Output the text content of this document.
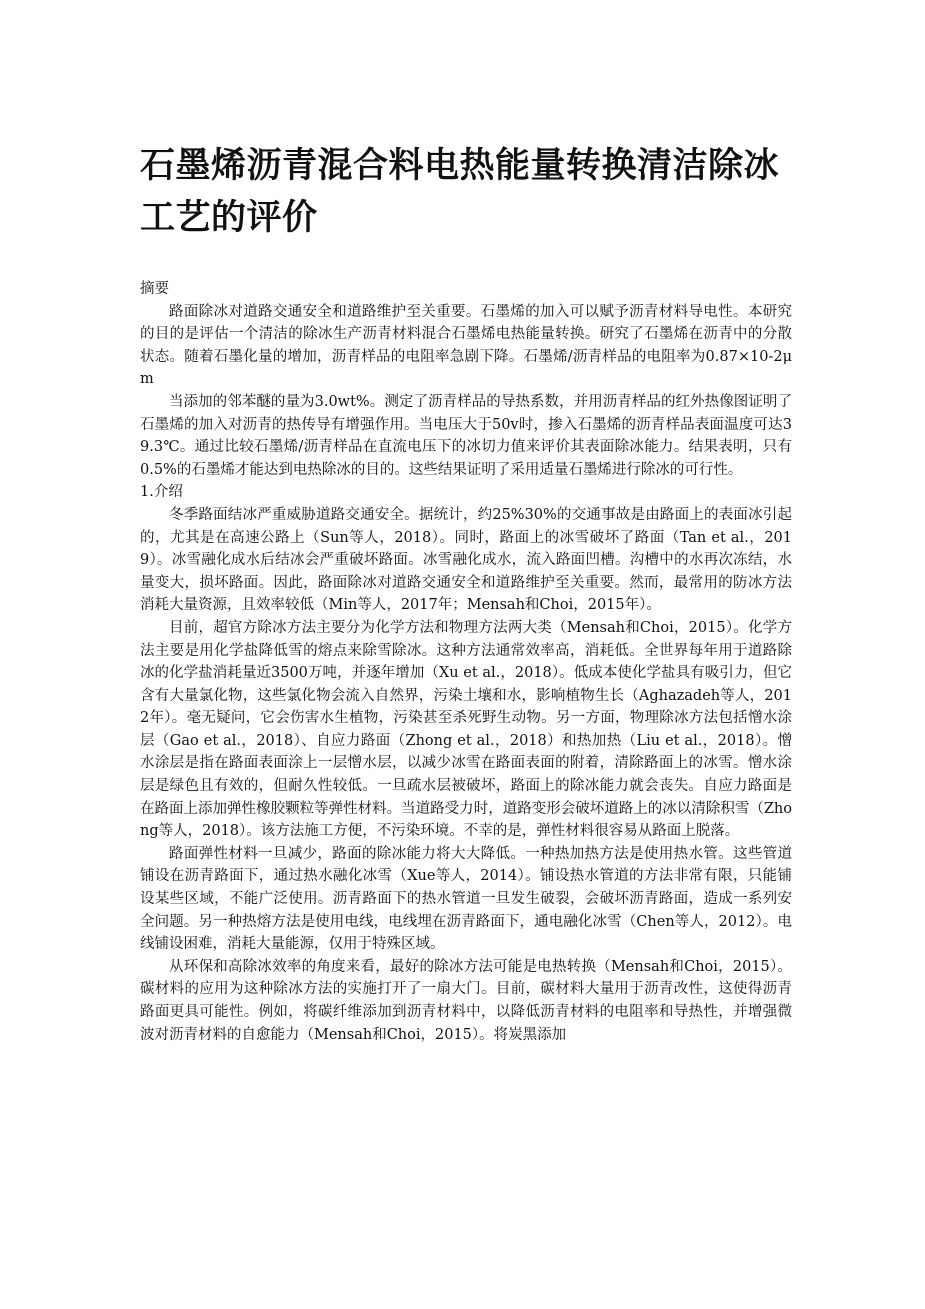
石墨烯沥青混合料电热能量转换清洁除冰工艺的评价

摘要

路面除冰对道路交通安全和道路维护至关重要。石墨烯的加入可以赋予沥青材料导电性。本研究的目的是评估一个清洁的除冰生产沥青材料混合石墨烯电热能量转换。研究了石墨烯在沥青中的分散状态。随着石墨化量的增加，沥青样品的电阻率急剧下降。石墨烯/沥青样品的电阻率为0.87×10-2μm

当添加的邻苯醚的量为3.0wt%。测定了沥青样品的导热系数，并用沥青样品的红外热像图证明了石墨烯的加入对沥青的热传导有增强作用。当电压大于50v时，掺入石墨烯的沥青样品表面温度可达39.3℃。通过比较石墨烯/沥青样品在直流电压下的冰切力值来评价其表面除冰能力。结果表明，只有0.5%的石墨烯才能达到电热除冰的目的。这些结果证明了采用适量石墨烯进行除冰的可行性。

1.介绍

冬季路面结冰严重威胁道路交通安全。据统计，约25%30%的交通事故是由路面上的表面冰引起的，尤其是在高速公路上（Sun等人，2018）。同时，路面上的冰雪破坏了路面（Tan et al.，2019）。冰雪融化成水后结冰会严重破坏路面。冰雪融化成水，流入路面凹槽。沟槽中的水再次冻结，水量变大，损坏路面。因此，路面除冰对道路交通安全和道路维护至关重要。然而，最常用的防冰方法消耗大量资源，且效率较低（Min等人，2017年；Mensah和Choi，2015年）。

目前，超官方除冰方法主要分为化学方法和物理方法两大类（Mensah和Choi，2015）。化学方法主要是用化学盐降低雪的熔点来除雪除冰。这种方法通常效率高，消耗低。全世界每年用于道路除冰的化学盐消耗量近3500万吨，并逐年增加（Xu et al.，2018）。低成本使化学盐具有吸引力，但它含有大量氯化物，这些氯化物会流入自然界，污染土壤和水，影响植物生长（Aghazadeh等人，2012年）。毫无疑问，它会伤害水生植物，污染甚至杀死野生动物。另一方面，物理除冰方法包括憎水涂层（Gao et al.，2018）、自应力路面（Zhong et al.，2018）和热加热（Liu et al.，2018）。憎水涂层是指在路面表面涂上一层憎水层，以减少冰雪在路面表面的附着，清除路面上的冰雪。憎水涂层是绿色且有效的，但耐久性较低。一旦疏水层被破坏，路面上的除冰能力就会丧失。自应力路面是在路面上添加弹性橡胶颗粒等弹性材料。当道路受力时，道路变形会破坏道路上的冰以清除积雪（Zhong等人，2018）。该方法施工方便，不污染环境。不幸的是，弹性材料很容易从路面上脱落。

路面弹性材料一旦减少，路面的除冰能力将大大降低。一种热加热方法是使用热水管。这些管道铺设在沥青路面下，通过热水融化冰雪（Xue等人，2014）。铺设热水管道的方法非常有限，只能铺设某些区域，不能广泛使用。沥青路面下的热水管道一旦发生破裂，会破坏沥青路面，造成一系列安全问题。另一种热熔方法是使用电线，电线埋在沥青路面下，通电融化冰雪（Chen等人，2012）。电线铺设困难，消耗大量能源，仅用于特殊区域。

从环保和高除冰效率的角度来看，最好的除冰方法可能是电热转换（Mensah和Choi，2015）。碳材料的应用为这种除冰方法的实施打开了一扇大门。目前，碳材料大量用于沥青改性，这使得沥青路面更具可能性。例如，将碳纤维添加到沥青材料中，以降低沥青材料的电阻率和导热性，并增强微波对沥青材料的自愈能力（Mensah和Choi，2015）。将炭黑添加
